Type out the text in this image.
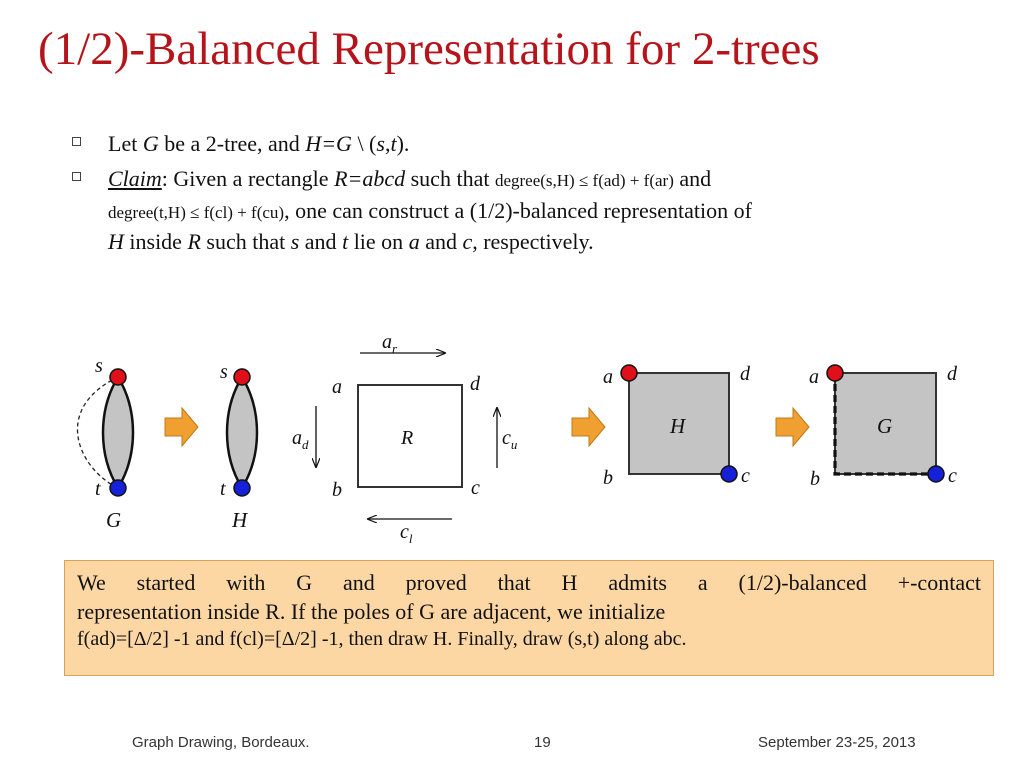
(1/2)-Balanced Representation for 2-trees
Let G be a 2-tree, and H=G \ (s,t).
Claim: Given a rectangle R=abcd such that degree(s,H) ≤ f(ad) + f(ar) and
degree(t,H) ≤ f(cl) + f(cu), one can construct a (1/2)-balanced representation of
H inside R such that s and t lie on a and c, respectively.
s
t
G
s
t
H
R
a	d
b	c
$a_r$
$a_d$	$c_u$
$c_l$
a	d
b	c
H
a	d
b	c
G
We started with G and proved that H admits a (1/2)-balanced +-contact
representation inside R. If the poles of G are adjacent, we initialize
f(ad)=[Δ/2] -1 and f(cl)=[Δ/2] -1, then draw H. Finally, draw (s,t) along abc.
Graph Drawing, Bordeaux.	19	September 23-25, 2013
